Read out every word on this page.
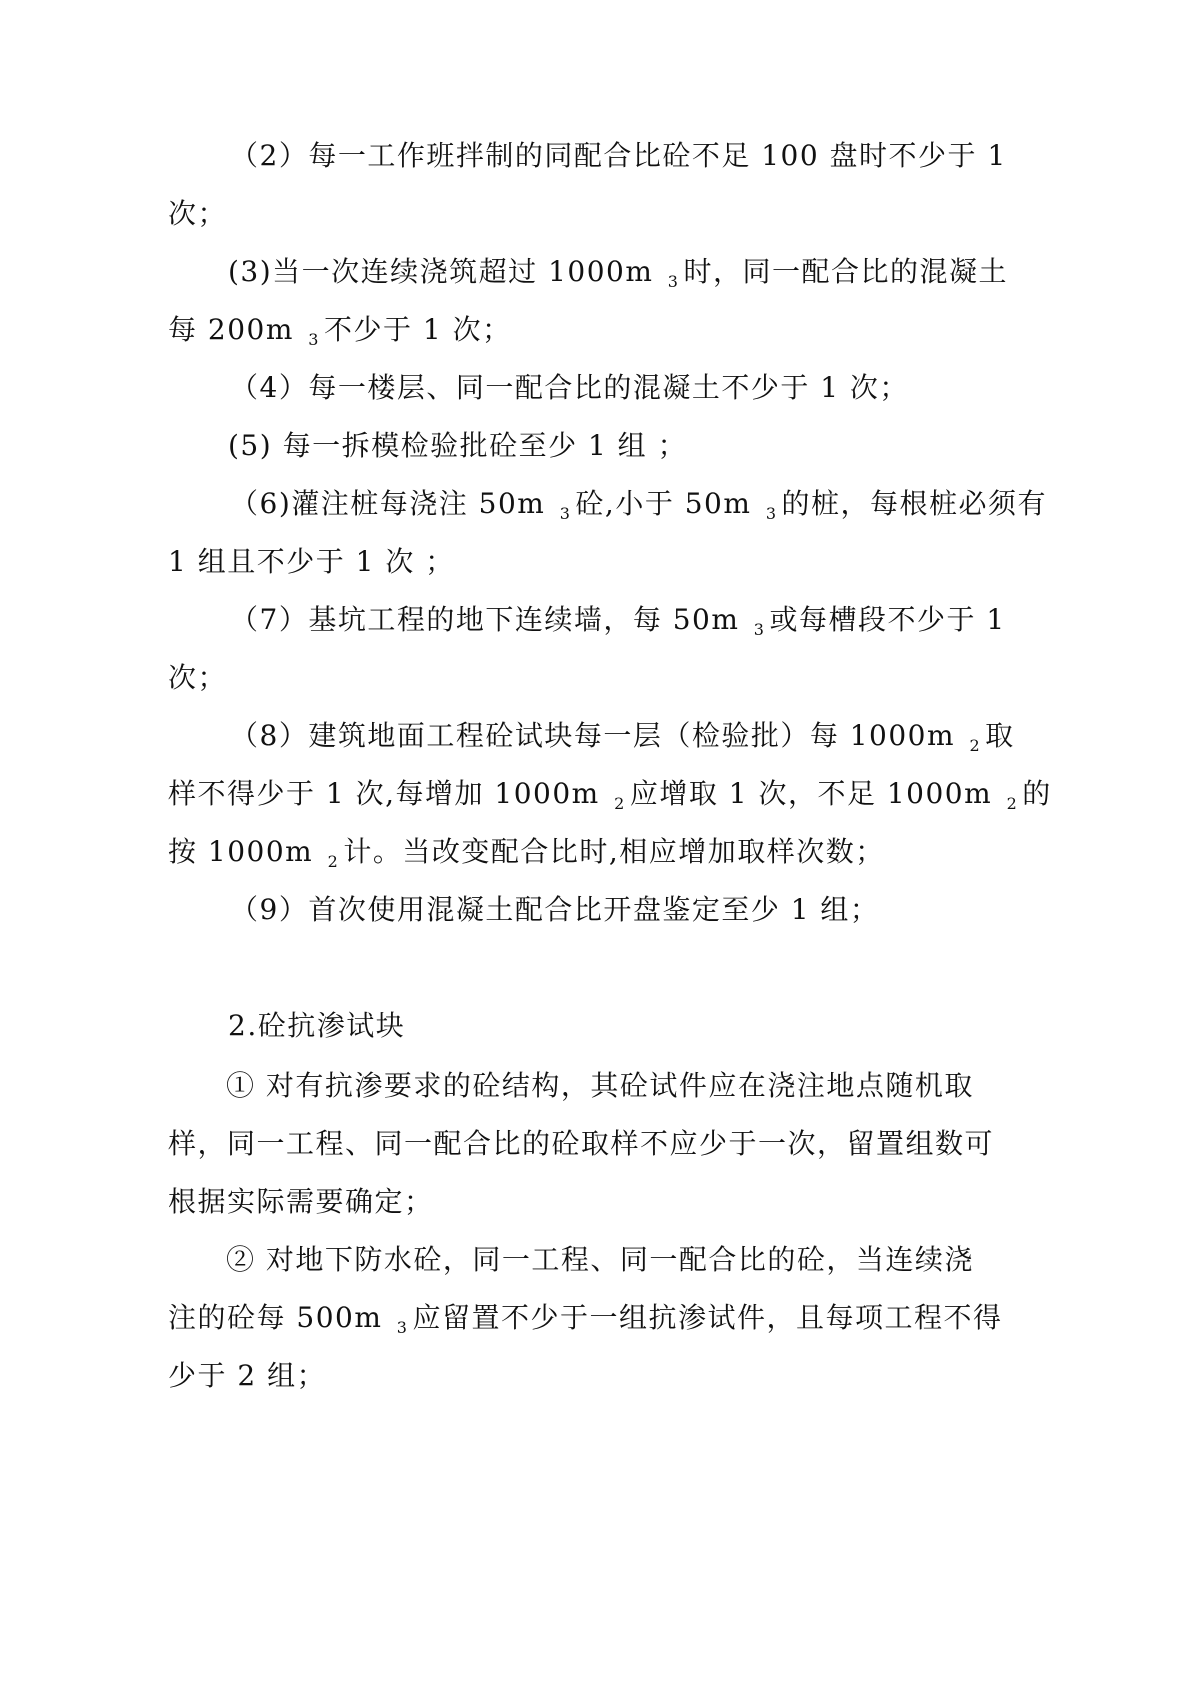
（2）每一工作班拌制的同配合比砼不足 100 盘时不少于 1
次；
(3)当一次连续浇筑超过 1000m $_3$ 时，同一配合比的混凝土
每 200m $_3$ 不少于 1 次；
（4）每一楼层、同一配合比的混凝土不少于 1 次；
(5) 每一拆模检验批砼至少 1 组 ；
（6)灌注桩每浇注 50m $_3$ 砼,小于 50m $_3$ 的桩，每根桩必须有
1 组且不少于 1 次 ；
（7）基坑工程的地下连续墙，每 50m $_3$ 或每槽段不少于 1
次；
（8）建筑地面工程砼试块每一层（检验批）每 1000m $_2$ 取
样不得少于 1 次,每增加 1000m $_2$ 应增取 1 次，不足 1000m $_2$ 的
按 1000m $_2$ 计。当改变配合比时,相应增加取样次数；
（9）首次使用混凝土配合比开盘鉴定至少 1 组；
2.砼抗渗试块
① 对有抗渗要求的砼结构，其砼试件应在浇注地点随机取
样，同一工程、同一配合比的砼取样不应少于一次，留置组数可
根据实际需要确定；
② 对地下防水砼，同一工程、同一配合比的砼，当连续浇
注的砼每 500m $_3$ 应留置不少于一组抗渗试件，且每项工程不得
少于 2 组；
